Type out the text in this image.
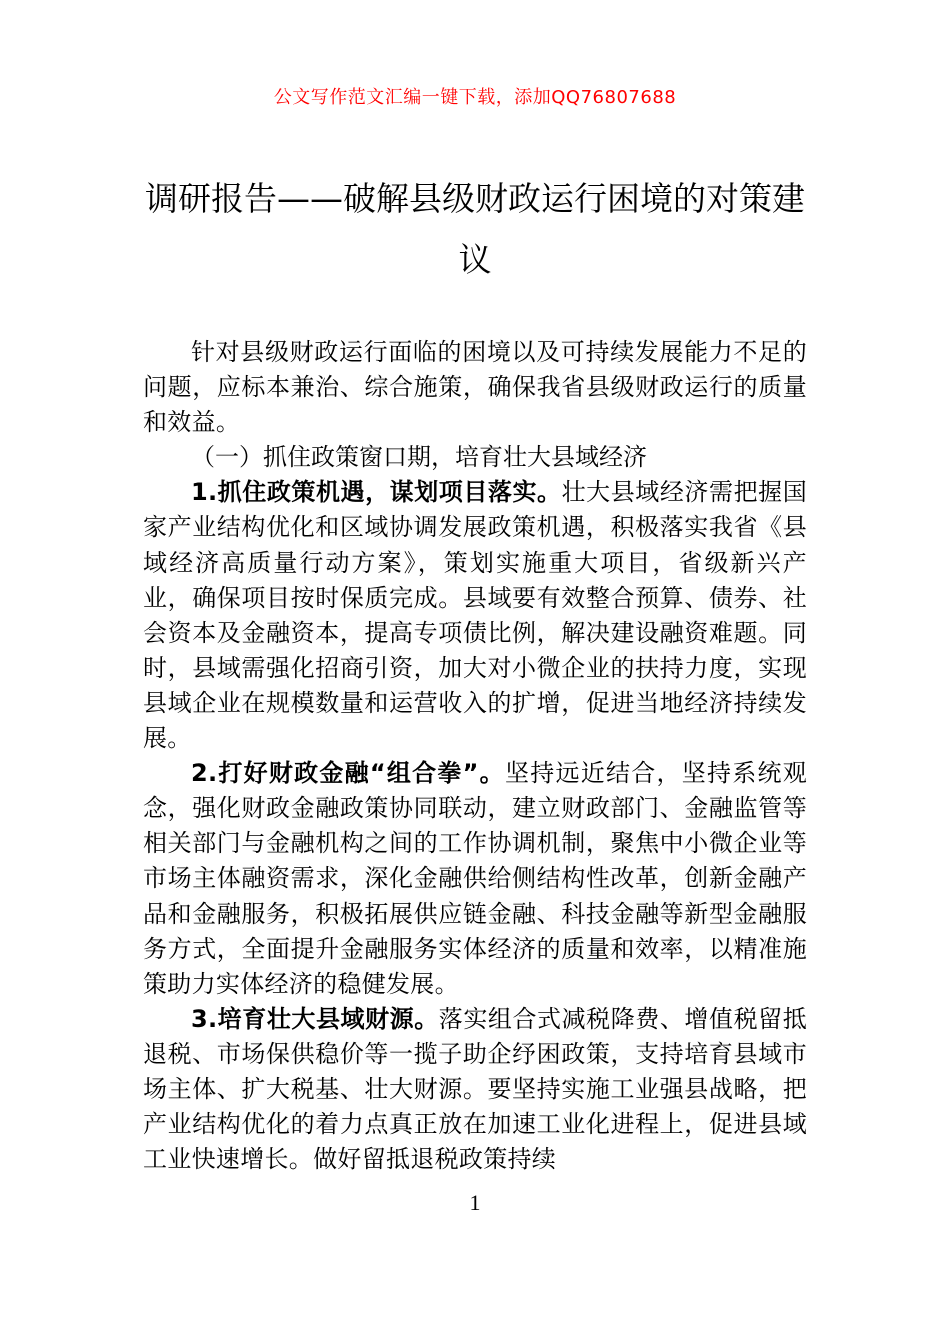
公文写作范文汇编一键下载，添加QQ76807688
调研报告——破解县级财政运行困境的对策建议

针对县级财政运行面临的困境以及可持续发展能力不足的问题，应标本兼治、综合施策，确保我省县级财政运行的质量和效益。

（一）抓住政策窗口期，培育壮大县域经济

1.抓住政策机遇，谋划项目落实。壮大县域经济需把握国家产业结构优化和区域协调发展政策机遇，积极落实我省《县域经济高质量行动方案》，策划实施重大项目，省级新兴产业，确保项目按时保质完成。县域要有效整合预算、债券、社会资本及金融资本，提高专项债比例，解决建设融资难题。同时，县域需强化招商引资，加大对小微企业的扶持力度，实现县域企业在规模数量和运营收入的扩增，促进当地经济持续发展。

2.打好财政金融“组合拳”。坚持远近结合，坚持系统观念，强化财政金融政策协同联动，建立财政部门、金融监管等相关部门与金融机构之间的工作协调机制，聚焦中小微企业等市场主体融资需求，深化金融供给侧结构性改革，创新金融产品和金融服务，积极拓展供应链金融、科技金融等新型金融服务方式，全面提升金融服务实体经济的质量和效率，以精准施策助力实体经济的稳健发展。

3.培育壮大县域财源。落实组合式减税降费、增值税留抵退税、市场保供稳价等一揽子助企纾困政策，支持培育县域市场主体、扩大税基、壮大财源。要坚持实施工业强县战略，把产业结构优化的着力点真正放在加速工业化进程上，促进县域工业快速增长。做好留抵退税政策持续

1
